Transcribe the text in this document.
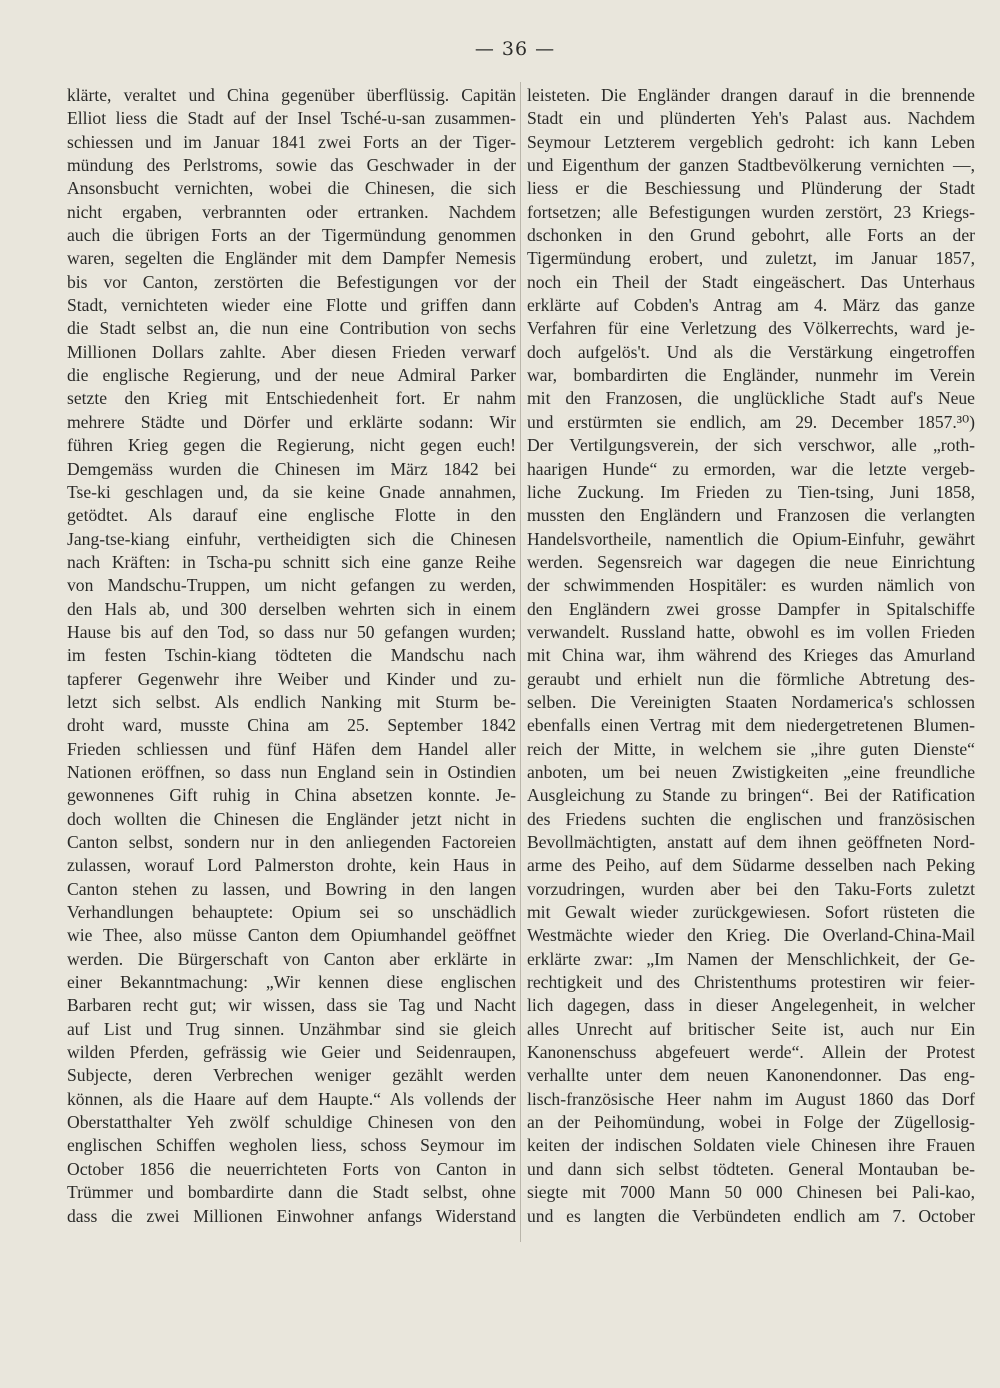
— 36 —
klärte, veraltet und China gegenüber überflüssig. Capitän
Elliot liess die Stadt auf der Insel Tsché-u-san zusammen-
schiessen und im Januar 1841 zwei Forts an der Tiger-
mündung des Perlstroms, sowie das Geschwader in der
Ansonsbucht vernichten, wobei die Chinesen, die sich
nicht ergaben, verbrannten oder ertranken. Nachdem
auch die übrigen Forts an der Tigermündung genommen
waren, segelten die Engländer mit dem Dampfer Nemesis
bis vor Canton, zerstörten die Befestigungen vor der
Stadt, vernichteten wieder eine Flotte und griffen dann
die Stadt selbst an, die nun eine Contribution von sechs
Millionen Dollars zahlte. Aber diesen Frieden verwarf
die englische Regierung, und der neue Admiral Parker
setzte den Krieg mit Entschiedenheit fort. Er nahm
mehrere Städte und Dörfer und erklärte sodann: Wir
führen Krieg gegen die Regierung, nicht gegen euch!
Demgemäss wurden die Chinesen im März 1842 bei
Tse-ki geschlagen und, da sie keine Gnade annahmen,
getödtet. Als darauf eine englische Flotte in den
Jang-tse-kiang einfuhr, vertheidigten sich die Chinesen
nach Kräften: in Tscha-pu schnitt sich eine ganze Reihe
von Mandschu-Truppen, um nicht gefangen zu werden,
den Hals ab, und 300 derselben wehrten sich in einem
Hause bis auf den Tod, so dass nur 50 gefangen wurden;
im festen Tschin-kiang tödteten die Mandschu nach
tapferer Gegenwehr ihre Weiber und Kinder und zu-
letzt sich selbst. Als endlich Nanking mit Sturm be-
droht ward, musste China am 25. September 1842
Frieden schliessen und fünf Häfen dem Handel aller
Nationen eröffnen, so dass nun England sein in Ostindien
gewonnenes Gift ruhig in China absetzen konnte. Je-
doch wollten die Chinesen die Engländer jetzt nicht in
Canton selbst, sondern nur in den anliegenden Factoreien
zulassen, worauf Lord Palmerston drohte, kein Haus in
Canton stehen zu lassen, und Bowring in den langen
Verhandlungen behauptete: Opium sei so unschädlich
wie Thee, also müsse Canton dem Opiumhandel geöffnet
werden. Die Bürgerschaft von Canton aber erklärte in
einer Bekanntmachung: „Wir kennen diese englischen
Barbaren recht gut; wir wissen, dass sie Tag und Nacht
auf List und Trug sinnen. Unzähmbar sind sie gleich
wilden Pferden, gefrässig wie Geier und Seidenraupen,
Subjecte, deren Verbrechen weniger gezählt werden
können, als die Haare auf dem Haupte.“ Als vollends der
Oberstatthalter Yeh zwölf schuldige Chinesen von den
englischen Schiffen wegholen liess, schoss Seymour im
October 1856 die neuerrichteten Forts von Canton in
Trümmer und bombardirte dann die Stadt selbst, ohne
dass die zwei Millionen Einwohner anfangs Widerstand
leisteten. Die Engländer drangen darauf in die brennende
Stadt ein und plünderten Yeh's Palast aus. Nachdem
Seymour Letzterem vergeblich gedroht: ich kann Leben
und Eigenthum der ganzen Stadtbevölkerung vernichten —,
liess er die Beschiessung und Plünderung der Stadt
fortsetzen; alle Befestigungen wurden zerstört, 23 Kriegs-
dschonken in den Grund gebohrt, alle Forts an der
Tigermündung erobert, und zuletzt, im Januar 1857,
noch ein Theil der Stadt eingeäschert. Das Unterhaus
erklärte auf Cobden's Antrag am 4. März das ganze
Verfahren für eine Verletzung des Völkerrechts, ward je-
doch aufgelös't. Und als die Verstärkung eingetroffen
war, bombardirten die Engländer, nunmehr im Verein
mit den Franzosen, die unglückliche Stadt auf's Neue
und erstürmten sie endlich, am 29. December 1857.³⁰)
Der Vertilgungsverein, der sich verschwor, alle „roth-
haarigen Hunde“ zu ermorden, war die letzte vergeb-
liche Zuckung. Im Frieden zu Tien-tsing, Juni 1858,
mussten den Engländern und Franzosen die verlangten
Handelsvortheile, namentlich die Opium-Einfuhr, gewährt
werden. Segensreich war dagegen die neue Einrichtung
der schwimmenden Hospitäler: es wurden nämlich von
den Engländern zwei grosse Dampfer in Spitalschiffe
verwandelt. Russland hatte, obwohl es im vollen Frieden
mit China war, ihm während des Krieges das Amurland
geraubt und erhielt nun die förmliche Abtretung des-
selben. Die Vereinigten Staaten Nordamerica's schlossen
ebenfalls einen Vertrag mit dem niedergetretenen Blumen-
reich der Mitte, in welchem sie „ihre guten Dienste“
anboten, um bei neuen Zwistigkeiten „eine freundliche
Ausgleichung zu Stande zu bringen“. Bei der Ratification
des Friedens suchten die englischen und französischen
Bevollmächtigten, anstatt auf dem ihnen geöffneten Nord-
arme des Peiho, auf dem Südarme desselben nach Peking
vorzudringen, wurden aber bei den Taku-Forts zuletzt
mit Gewalt wieder zurückgewiesen. Sofort rüsteten die
Westmächte wieder den Krieg. Die Overland-China-Mail
erklärte zwar: „Im Namen der Menschlichkeit, der Ge-
rechtigkeit und des Christenthums protestiren wir feier-
lich dagegen, dass in dieser Angelegenheit, in welcher
alles Unrecht auf britischer Seite ist, auch nur Ein
Kanonenschuss abgefeuert werde“. Allein der Protest
verhallte unter dem neuen Kanonendonner. Das eng-
lisch-französische Heer nahm im August 1860 das Dorf
an der Peihomündung, wobei in Folge der Zügellosig-
keiten der indischen Soldaten viele Chinesen ihre Frauen
und dann sich selbst tödteten. General Montauban be-
siegte mit 7000 Mann 50 000 Chinesen bei Pali-kao,
und es langten die Verbündeten endlich am 7. October
